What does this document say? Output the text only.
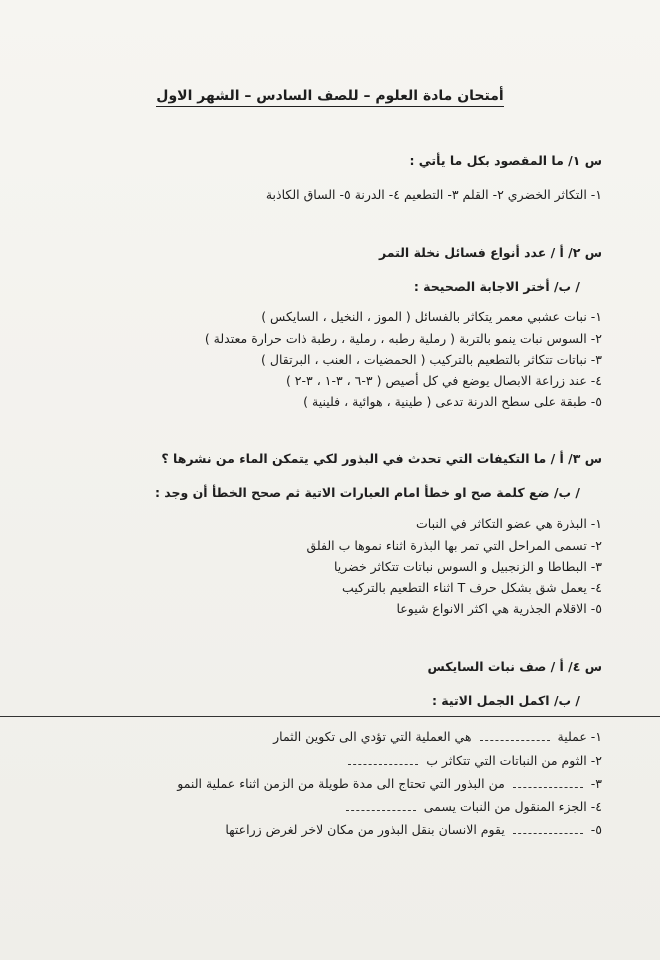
أمتحان مادة العلوم – للصف السادس – الشهر الاول
س ١/ ما المقصود بكل ما يأتي :
١- التكاثر الخضري ٢- القلم ٣- التطعيم ٤- الدرنة ٥- الساق الكاذبة
س ٢/ أ / عدد أنواع فسائل نخلة التمر
/ ب/ أختر الاجابة الصحيحة :
١- نبات عشبي معمر يتكاثر بالفسائل ( الموز ، النخيل ، السايكس )
٢- السوس نبات ينمو بالتربة ( رملية رطبه ، رملية ، رطبة ذات حرارة معتدلة )
٣- نباتات تتكاثر بالتطعيم بالتركيب ( الحمضيات ، العنب ، البرتقال )
٤- عند زراعة الابصال يوضع في كل أصيص ( ٣-٦ ، ٣-١ ، ٣-٢ )
٥- طبقة على سطح الدرنة تدعى ( طينية ، هوائية ، فلينية )
س ٣/ أ / ما التكيفات التي تحدث في البذور لكي يتمكن الماء من نشرها ؟
/ ب/ ضع كلمة صح او خطأ امام العبارات الاتية ثم صحح الخطأ أن وجد :
١- البذرة هي عضو التكاثر في النبات
٢- تسمى المراحل التي تمر بها البذرة اثناء نموها ب الفلق
٣- البطاطا و الزنجبيل و السوس نباتات تتكاثر خضريا
٤- يعمل شق بشكل حرف T اثناء التطعيم بالتركيب
٥- الاقلام الجذرية هي اكثر الانواع شيوعا
س ٤/ أ / صف نبات السايكس
/ ب/ اكمل الجمل الاتية :
١- عملية  هي العملية التي تؤدي الى تكوين الثمار
٢- الثوم من النباتات التي تتكاثر ب
٣-  من البذور التي تحتاج الى مدة طويلة من الزمن اثناء عملية النمو
٤- الجزء المنقول من النبات يسمى
٥-  يقوم الانسان بنقل البذور من مكان لاخر لغرض زراعتها
